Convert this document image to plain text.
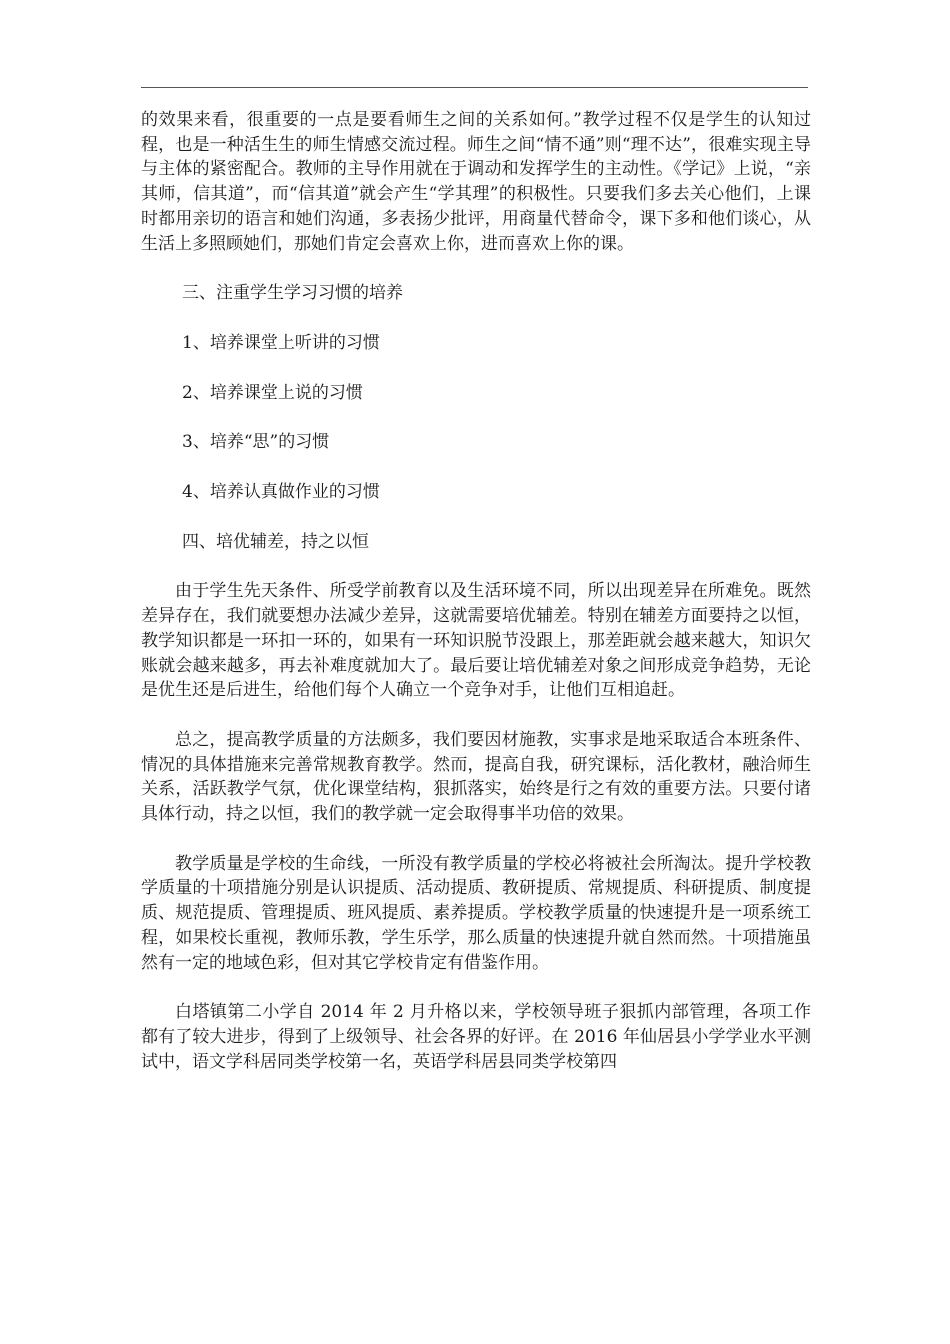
的效果来看，很重要的一点是要看师生之间的关系如何。”教学过程不仅是学生的认知过程，也是一种活生生的师生情感交流过程。师生之间“情不通”则“理不达”，很难实现主导与主体的紧密配合。教师的主导作用就在于调动和发挥学生的主动性。《学记》上说，“亲其师，信其道”，而“信其道”就会产生“学其理”的积极性。只要我们多去关心他们，上课时都用亲切的语言和她们沟通，多表扬少批评，用商量代替命令，课下多和他们谈心，从生活上多照顾她们，那她们肯定会喜欢上你，进而喜欢上你的课。

三、注重学生学习习惯的培养

1、培养课堂上听讲的习惯

2、培养课堂上说的习惯

3、培养“思”的习惯

4、培养认真做作业的习惯

四、培优辅差，持之以恒

由于学生先天条件、所受学前教育以及生活环境不同，所以出现差异在所难免。既然差异存在，我们就要想办法减少差异，这就需要培优辅差。特别在辅差方面要持之以恒，教学知识都是一环扣一环的，如果有一环知识脱节没跟上，那差距就会越来越大，知识欠账就会越来越多，再去补难度就加大了。最后要让培优辅差对象之间形成竞争趋势，无论是优生还是后进生，给他们每个人确立一个竞争对手，让他们互相追赶。

总之，提高教学质量的方法颇多，我们要因材施教，实事求是地采取适合本班条件、情况的具体措施来完善常规教育教学。然而，提高自我，研究课标，活化教材，融洽师生关系，活跃教学气氛，优化课堂结构，狠抓落实，始终是行之有效的重要方法。只要付诸具体行动，持之以恒，我们的教学就一定会取得事半功倍的效果。

教学质量是学校的生命线，一所没有教学质量的学校必将被社会所淘汰。提升学校教学质量的十项措施分别是认识提质、活动提质、教研提质、常规提质、科研提质、制度提质、规范提质、管理提质、班风提质、素养提质。学校教学质量的快速提升是一项系统工程，如果校长重视，教师乐教，学生乐学，那么质量的快速提升就自然而然。十项措施虽然有一定的地域色彩，但对其它学校肯定有借鉴作用。

白塔镇第二小学自 2014 年 2 月升格以来，学校领导班子狠抓内部管理，各项工作都有了较大进步，得到了上级领导、社会各界的好评。在 2016 年仙居县小学学业水平测试中，语文学科居同类学校第一名，英语学科居县同类学校第四
